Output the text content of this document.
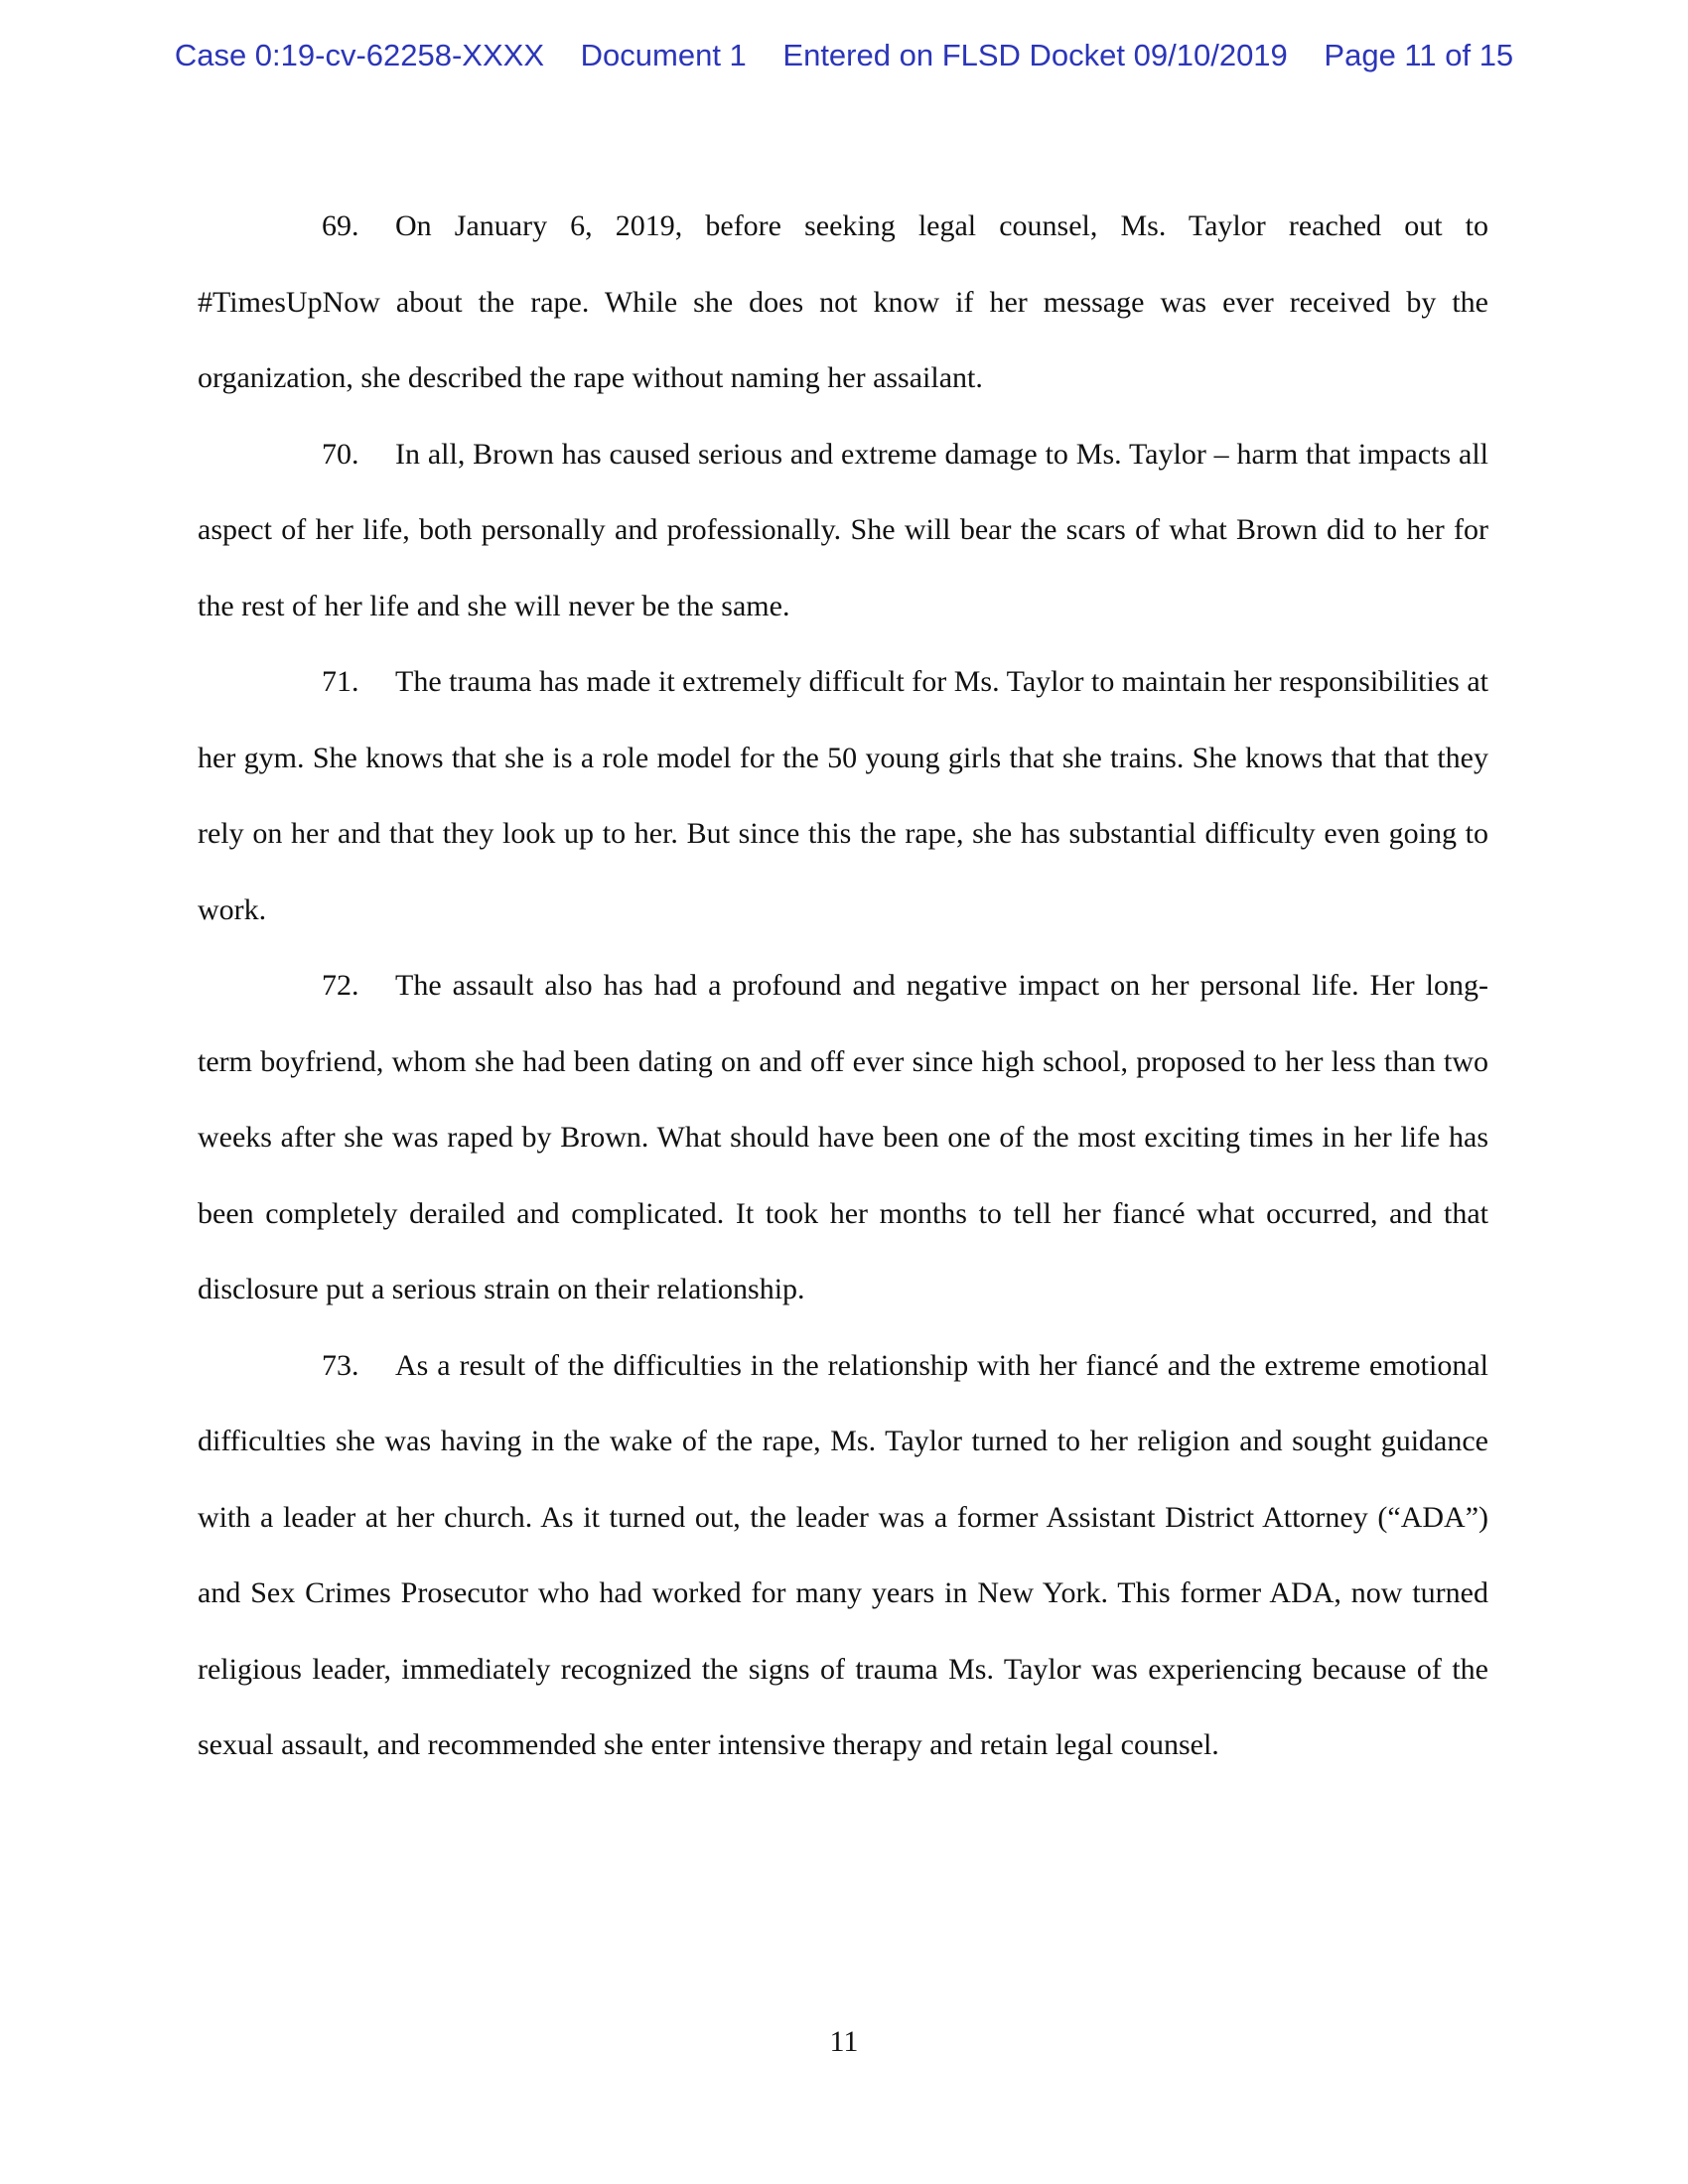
Case 0:19-cv-62258-XXXX Document 1 Entered on FLSD Docket 09/10/2019 Page 11 of 15

69. On January 6, 2019, before seeking legal counsel, Ms. Taylor reached out to #TimesUpNow about the rape. While she does not know if her message was ever received by the organization, she described the rape without naming her assailant.

70. In all, Brown has caused serious and extreme damage to Ms. Taylor – harm that impacts all aspect of her life, both personally and professionally. She will bear the scars of what Brown did to her for the rest of her life and she will never be the same.

71. The trauma has made it extremely difficult for Ms. Taylor to maintain her responsibilities at her gym. She knows that she is a role model for the 50 young girls that she trains. She knows that that they rely on her and that they look up to her. But since this the rape, she has substantial difficulty even going to work.

72. The assault also has had a profound and negative impact on her personal life. Her long-term boyfriend, whom she had been dating on and off ever since high school, proposed to her less than two weeks after she was raped by Brown. What should have been one of the most exciting times in her life has been completely derailed and complicated. It took her months to tell her fiancé what occurred, and that disclosure put a serious strain on their relationship.

73. As a result of the difficulties in the relationship with her fiancé and the extreme emotional difficulties she was having in the wake of the rape, Ms. Taylor turned to her religion and sought guidance with a leader at her church. As it turned out, the leader was a former Assistant District Attorney (“ADA”) and Sex Crimes Prosecutor who had worked for many years in New York. This former ADA, now turned religious leader, immediately recognized the signs of trauma Ms. Taylor was experiencing because of the sexual assault, and recommended she enter intensive therapy and retain legal counsel.

11
